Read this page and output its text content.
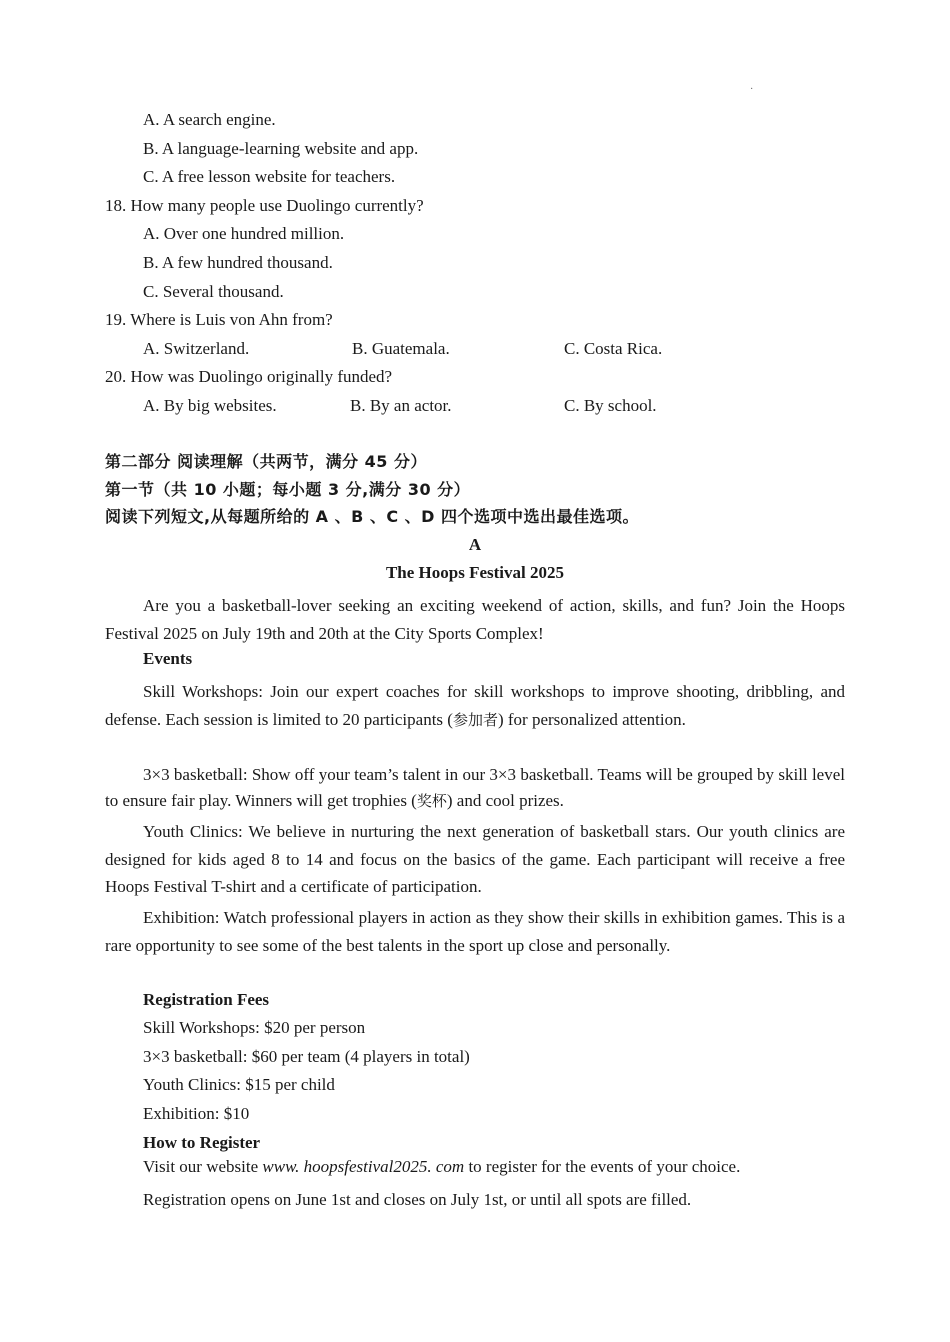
·
A. A search engine.
B. A language-learning website and app.
C. A free lesson website for teachers.
18. How many people use Duolingo currently?
A. Over one hundred million.
B. A few hundred thousand.
C. Several thousand.
19. Where is Luis von Ahn from?
A. Switzerland.	B. Guatemala.	C. Costa Rica.
20. How was Duolingo originally funded?
A. By big websites.	B. By an actor.	C. By school.
第二部分 阅读理解（共两节，满分 45 分）
第一节（共 10 小题；每小题 3 分,满分 30 分）
阅读下列短文,从每题所给的 A 、B 、C 、D 四个选项中选出最佳选项。
A
The Hoops Festival 2025
Are you a basketball-lover seeking an exciting weekend of action, skills, and fun? Join the Hoops Festival 2025 on July 19th and 20th at the City Sports Complex!
Events
Skill Workshops: Join our expert coaches for skill workshops to improve shooting, dribbling, and defense. Each session is limited to 20 participants (参加者) for personalized attention.
3×3 basketball: Show off your team’s talent in our 3×3 basketball. Teams will be grouped by skill level to ensure fair play. Winners will get trophies (奖杯) and cool prizes.
Youth Clinics: We believe in nurturing the next generation of basketball stars. Our youth clinics are designed for kids aged 8 to 14 and focus on the basics of the game. Each participant will receive a free Hoops Festival T-shirt and a certificate of participation.
Exhibition: Watch professional players in action as they show their skills in exhibition games. This is a rare opportunity to see some of the best talents in the sport up close and personally.
Registration Fees
Skill Workshops: $20 per person
3×3 basketball: $60 per team (4 players in total)
Youth Clinics: $15 per child
Exhibition: $10
How to Register
Visit our website www. hoopsfestival2025. com to register for the events of your choice.
Registration opens on June 1st and closes on July 1st, or until all spots are filled.
